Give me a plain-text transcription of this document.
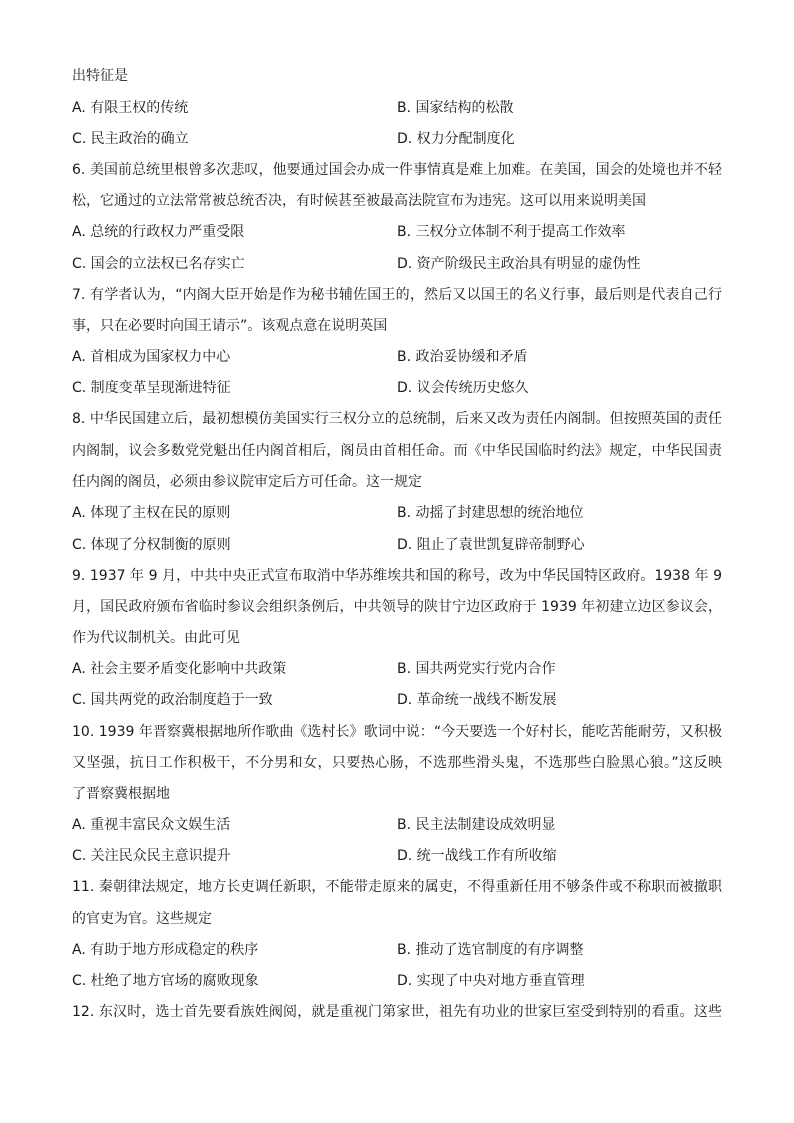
出特征是
A. 有限王权的传统	B. 国家结构的松散
C. 民主政治的确立	D. 权力分配制度化
6. 美国前总统里根曾多次悲叹，他要通过国会办成一件事情真是难上加难。在美国，国会的处境也并不轻
松，它通过的立法常常被总统否决，有时候甚至被最高法院宣布为违宪。这可以用来说明美国
A. 总统的行政权力严重受限	B. 三权分立体制不利于提高工作效率
C. 国会的立法权已名存实亡	D. 资产阶级民主政治具有明显的虚伪性
7. 有学者认为，“内阁大臣开始是作为秘书辅佐国王的，然后又以国王的名义行事，最后则是代表自己行
事，只在必要时向国王请示”。该观点意在说明英国
A. 首相成为国家权力中心	B. 政治妥协缓和矛盾
C. 制度变革呈现渐进特征	D. 议会传统历史悠久
8. 中华民国建立后，最初想模仿美国实行三权分立的总统制，后来又改为责任内阁制。但按照英国的责任
内阁制，议会多数党党魁出任内阁首相后，阁员由首相任命。而《中华民国临时约法》规定，中华民国责
任内阁的阁员，必须由参议院审定后方可任命。这一规定
A. 体现了主权在民的原则	B. 动摇了封建思想的统治地位
C. 体现了分权制衡的原则	D. 阻止了袁世凯复辟帝制野心
9. 1937 年 9 月，中共中央正式宣布取消中华苏维埃共和国的称号，改为中华民国特区政府。1938 年 9
月，国民政府颁布省临时参议会组织条例后，中共领导的陕甘宁边区政府于 1939 年初建立边区参议会，
作为代议制机关。由此可见
A. 社会主要矛盾变化影响中共政策	B. 国共两党实行党内合作
C. 国共两党的政治制度趋于一致	D. 革命统一战线不断发展
10. 1939 年晋察冀根据地所作歌曲《选村长》歌词中说：“今天要选一个好村长，能吃苦能耐劳，又积极
又坚强，抗日工作积极干，不分男和女，只要热心肠，不选那些滑头鬼，不选那些白脸黑心狼。”这反映
了晋察冀根据地
A. 重视丰富民众文娱生活	B. 民主法制建设成效明显
C. 关注民众民主意识提升	D. 统一战线工作有所收缩
11. 秦朝律法规定，地方长吏调任新职，不能带走原来的属吏，不得重新任用不够条件或不称职而被撤职
的官吏为官。这些规定
A. 有助于地方形成稳定的秩序	B. 推动了选官制度的有序调整
C. 杜绝了地方官场的腐败现象	D. 实现了中央对地方垂直管理
12. 东汉时，选士首先要看族姓阀阅，就是重视门第家世，祖先有功业的世家巨室受到特别的看重。这些
